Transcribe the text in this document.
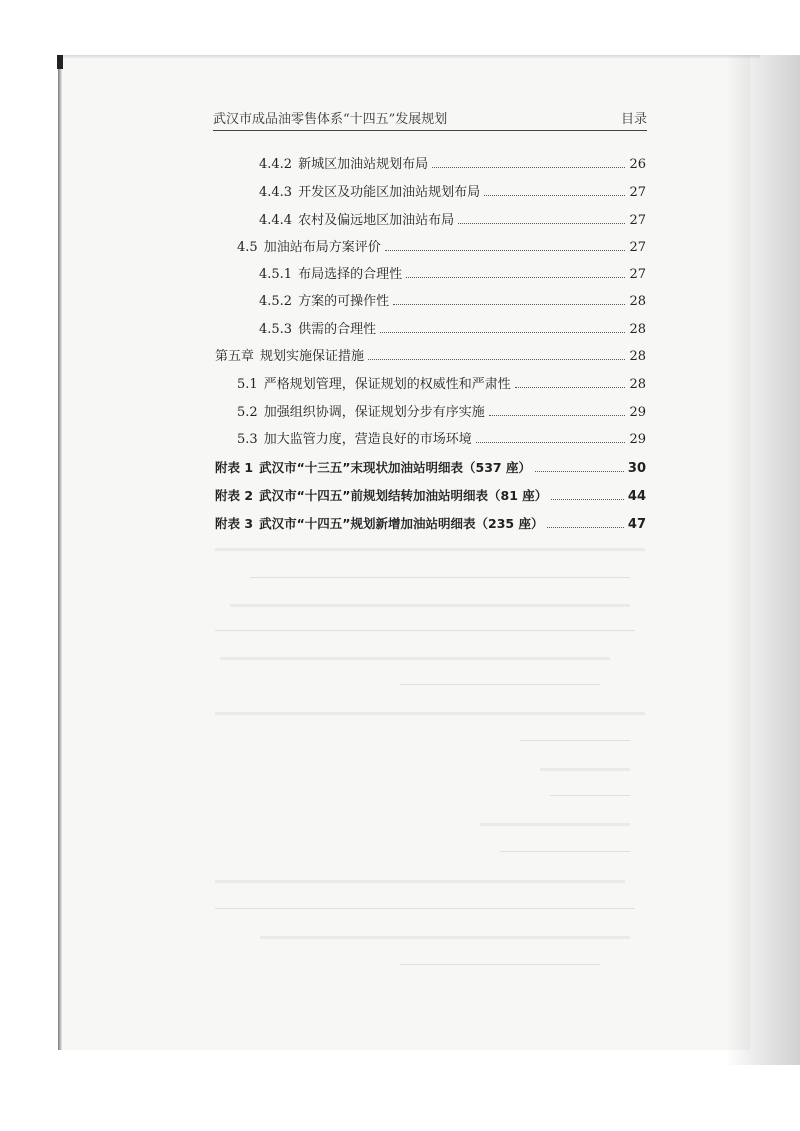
武汉市成品油零售体系“十四五”发展规划	目录
4.4.2 新城区加油站规划布局	26
4.4.3 开发区及功能区加油站规划布局	27
4.4.4 农村及偏远地区加油站布局	27
4.5 加油站布局方案评价	27
4.5.1 布局选择的合理性	27
4.5.2 方案的可操作性	28
4.5.3 供需的合理性	28
第五章 规划实施保证措施	28
5.1 严格规划管理，保证规划的权威性和严肃性	28
5.2 加强组织协调，保证规划分步有序实施	29
5.3 加大监管力度，营造良好的市场环境	29
附表 1 武汉市“十三五”末现状加油站明细表（537 座）	30
附表 2 武汉市“十四五”前规划结转加油站明细表（81 座）	44
附表 3 武汉市“十四五”规划新增加油站明细表（235 座）	47
